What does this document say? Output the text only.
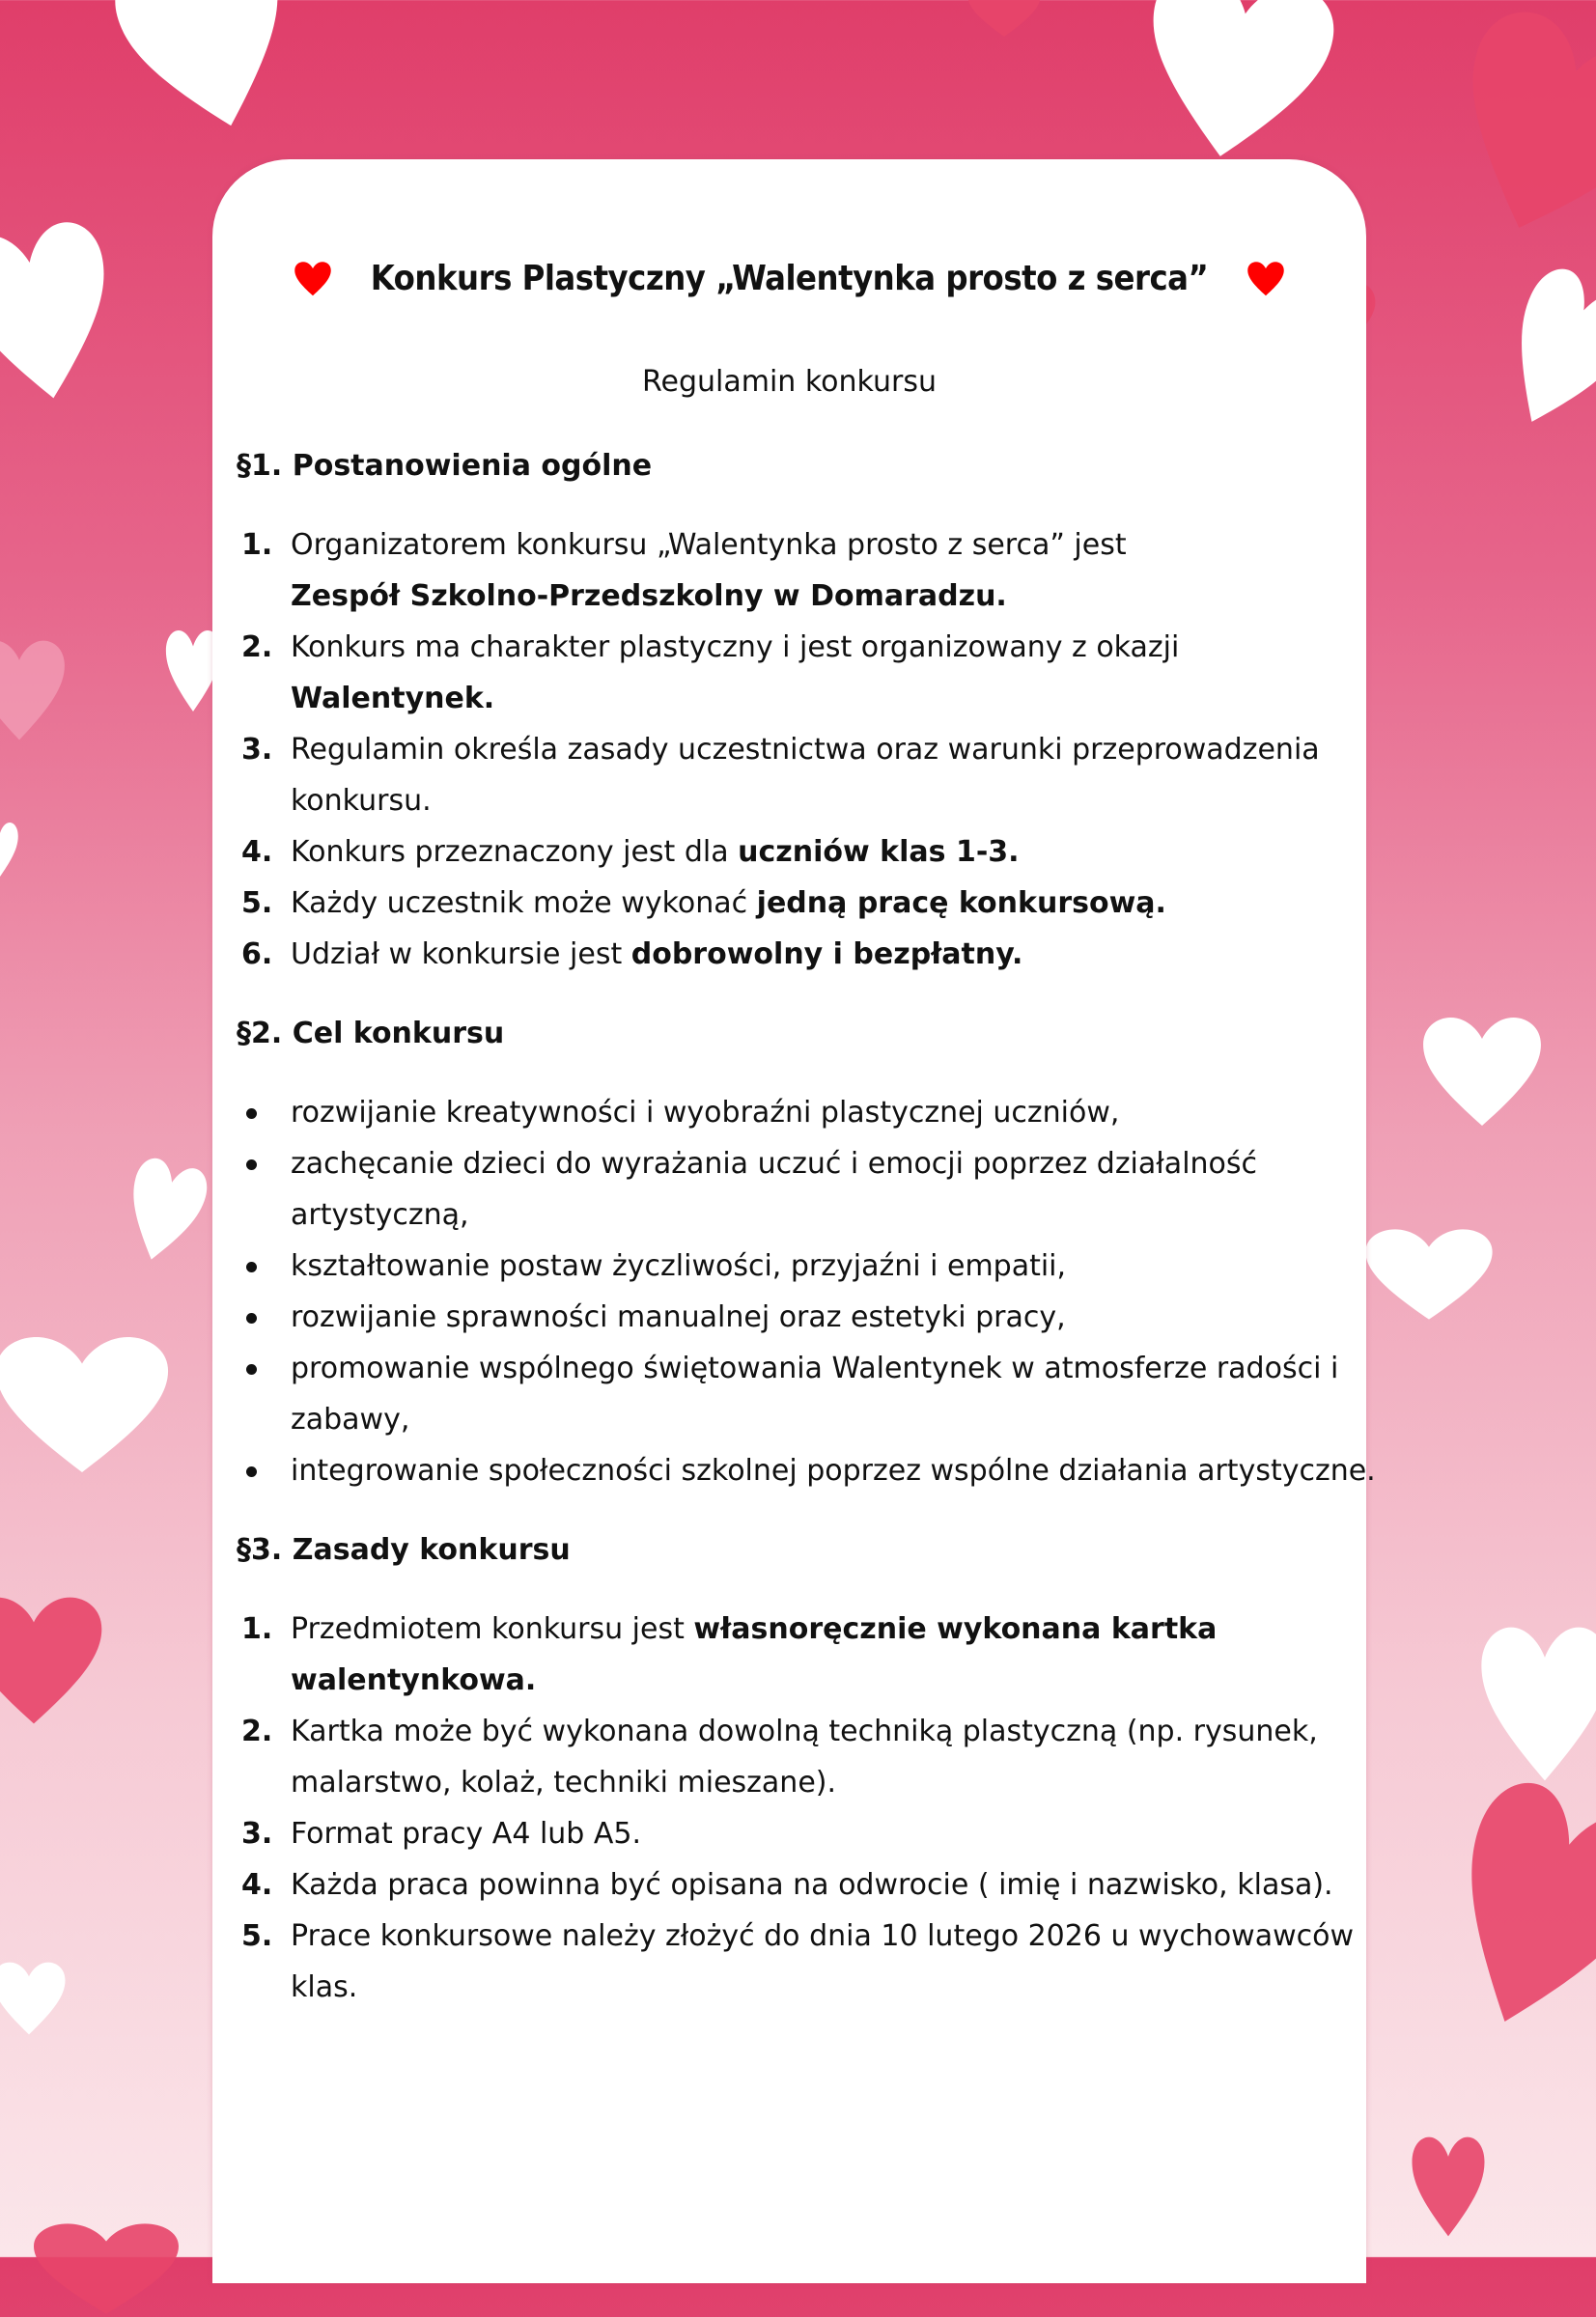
Konkurs Plastyczny „Walentynka prosto z serca”
Regulamin konkursu
§1. Postanowienia ogólne
1. Organizatorem konkursu „Walentynka prosto z serca” jest
Zespół Szkolno-Przedszkolny w Domaradzu.
2. Konkurs ma charakter plastyczny i jest organizowany z okazji
Walentynek.
3. Regulamin określa zasady uczestnictwa oraz warunki przeprowadzenia konkursu.
4. Konkurs przeznaczony jest dla uczniów klas 1-3.
5. Każdy uczestnik może wykonać jedną pracę konkursową.
6. Udział w konkursie jest dobrowolny i bezpłatny.
§2. Cel konkursu
rozwijanie kreatywności i wyobraźni plastycznej uczniów,
zachęcanie dzieci do wyrażania uczuć i emocji poprzez działalność artystyczną,
kształtowanie postaw życzliwości, przyjaźni i empatii,
rozwijanie sprawności manualnej oraz estetyki pracy,
promowanie wspólnego świętowania Walentynek w atmosferze radości i zabawy,
integrowanie społeczności szkolnej poprzez wspólne działania artystyczne.
§3. Zasady konkursu
1. Przedmiotem konkursu jest własnoręcznie wykonana kartka walentynkowa.
2. Kartka może być wykonana dowolną techniką plastyczną (np. rysunek, malarstwo, kolaż, techniki mieszane).
3. Format pracy A4 lub A5.
4. Każda praca powinna być opisana na odwrocie ( imię i nazwisko, klasa).
5. Prace konkursowe należy złożyć do dnia 10 lutego 2026 u wychowawców klas.
